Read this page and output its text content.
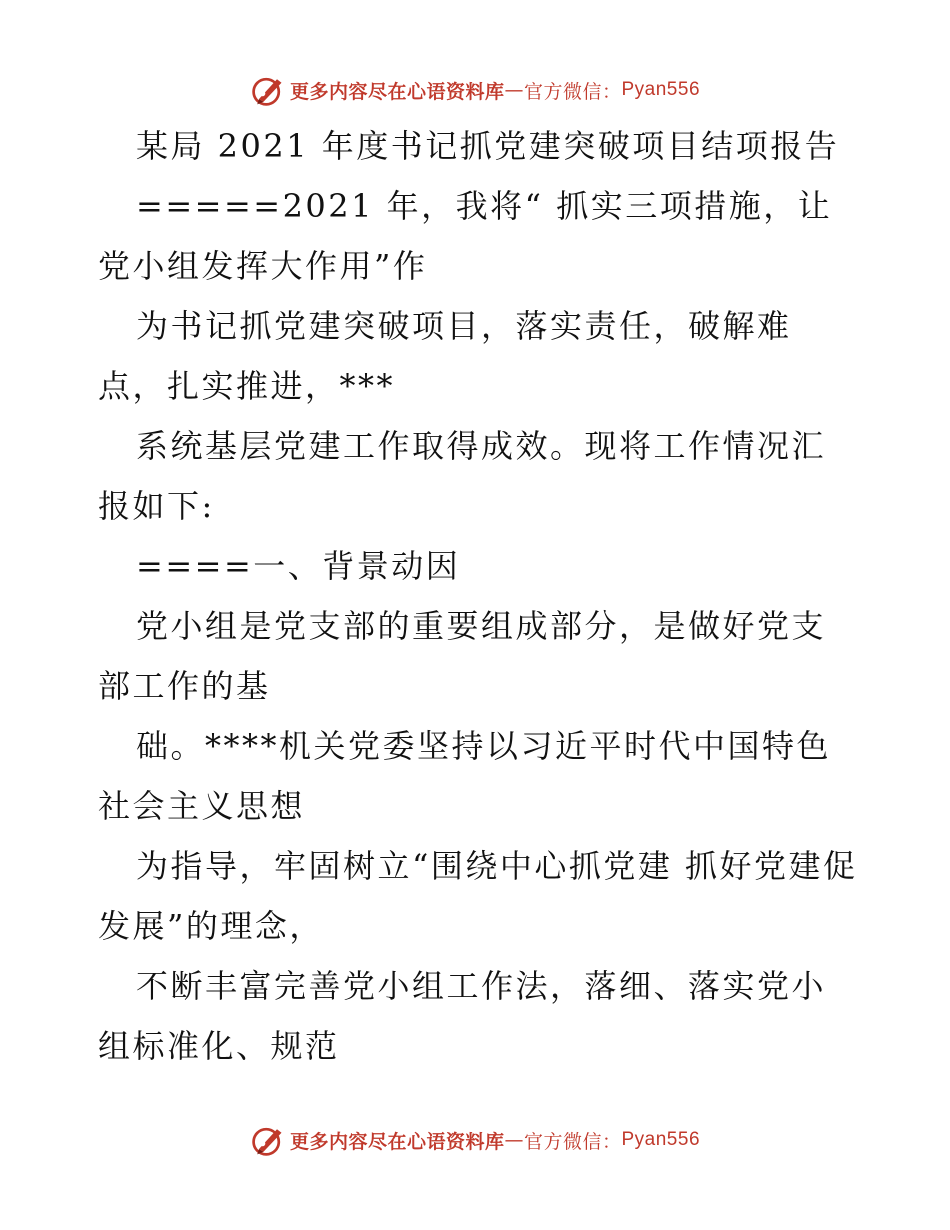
更多内容尽在心语资料库 — 官方微信： Pyan556

某局 2021 年度书记抓党建突破项目结项报告

=====2021 年，我将“ 抓实三项措施，让党小组发挥大作用”作

为书记抓党建突破项目，落实责任，破解难点，扎实推进，***

系统基层党建工作取得成效。现将工作情况汇报如下:

====一、背景动因

党小组是党支部的重要组成部分，是做好党支部工作的基

础。****机关党委坚持以习近平时代中国特色社会主义思想

为指导，牢固树立“围绕中心抓党建 抓好党建促发展”的理念，

不断丰富完善党小组工作法，落细、落实党小组标准化、规范

更多内容尽在心语资料库 — 官方微信： Pyan556
